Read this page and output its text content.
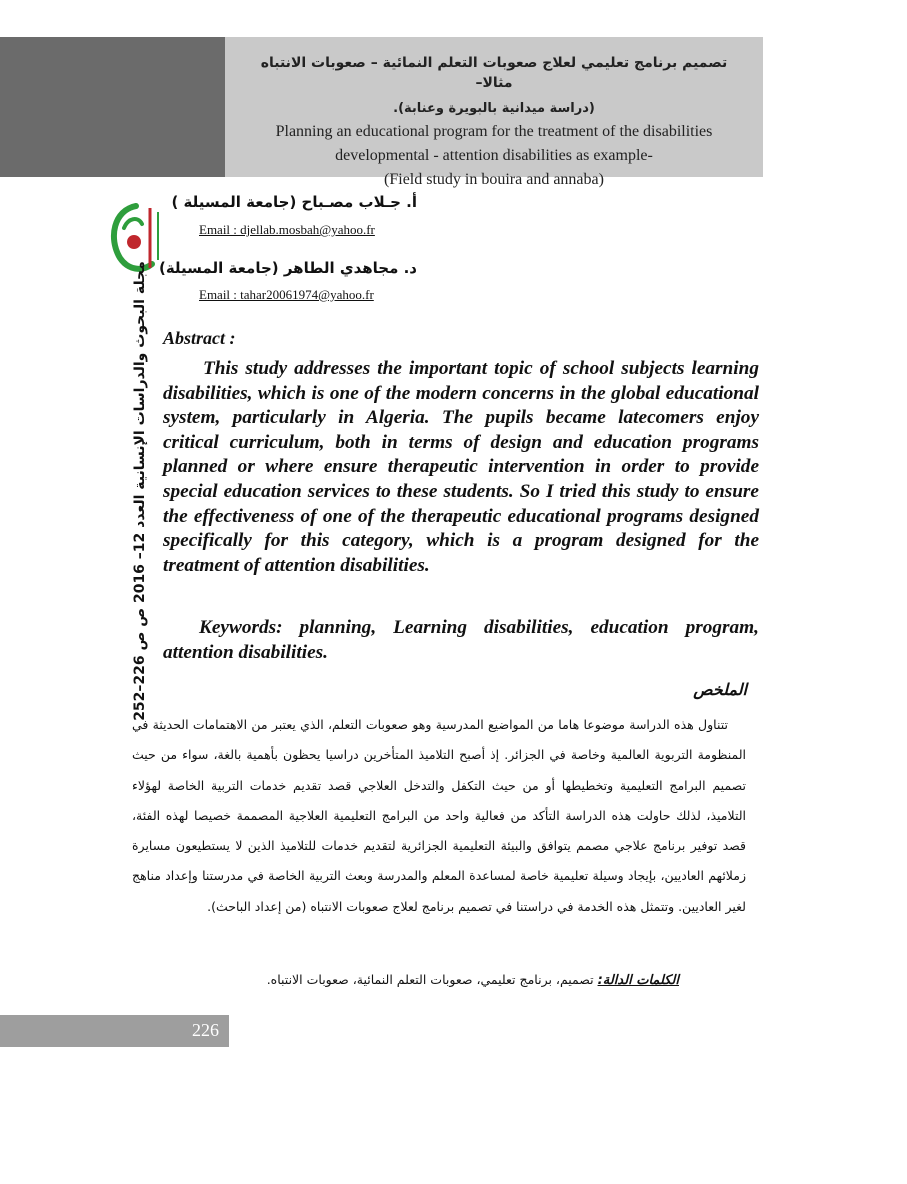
تصميم برنامج تعليمي لعلاج صعوبات التعلم النمائية – صعوبات الانتباه مثالا–

(دراسة ميدانية بالبويرة وعنابة).

Planning an educational program for the treatment of the disabilities

developmental - attention disabilities as example-

(Field study in bouira and annaba)

مجلة البحوث والدراسات الإنسانية العدد 12– 2016 ص ص 226–252
أ. جـلاب مصـباح (جامعة المسيلة )
Email : djellab.mosbah@yahoo.fr
د. مجاهدي الطاهر (جامعة المسيلة)
Email : tahar20061974@yahoo.fr
Abstract :

This study addresses the important topic of school subjects learning disabilities, which is one of the modern concerns in the global educational system, particularly in Algeria. The pupils became latecomers enjoy critical curriculum, both in terms of design and education programs planned or where ensure therapeutic intervention in order to provide special education services to these students. So I tried this study to ensure the effectiveness of one of the therapeutic educational programs designed specifically for this category, which is a program designed for the treatment of attention disabilities.

Keywords: planning, Learning disabilities, education program, attention disabilities.

الملخص

تتناول هذه الدراسة موضوعا هاما من المواضيع المدرسية وهو صعوبات التعلم، الذي يعتبر من الاهتمامات الحديثة في المنظومة التربوية العالمية وخاصة في الجزائر. إذ أصبح التلاميذ المتأخرين دراسيا يحظون بأهمية بالغة، سواء من حيث تصميم البرامج التعليمية وتخطيطها أو من حيث التكفل والتدخل العلاجي قصد تقديم خدمات التربية الخاصة لهؤلاء التلاميذ، لذلك حاولت هذه الدراسة التأكد من فعالية واحد من البرامج التعليمية العلاجية المصممة خصيصا لهذه الفئة، قصد توفير برنامج علاجي مصمم يتوافق والبيئة التعليمية الجزائرية لتقديم خدمات للتلاميذ الذين لا يستطيعون مسايرة زملائهم العاديين، بإيجاد وسيلة تعليمية خاصة لمساعدة المعلم والمدرسة وبعث التربية الخاصة في مدرستنا وإعداد مناهج لغير العاديين. وتتمثل هذه الخدمة في دراستنا في تصميم برنامج لعلاج صعوبات الانتباه (من إعداد الباحث).

الكلمات الدالة: تصميم، برنامج تعليمي، صعوبات التعلم النمائية، صعوبات الانتباه.
226
